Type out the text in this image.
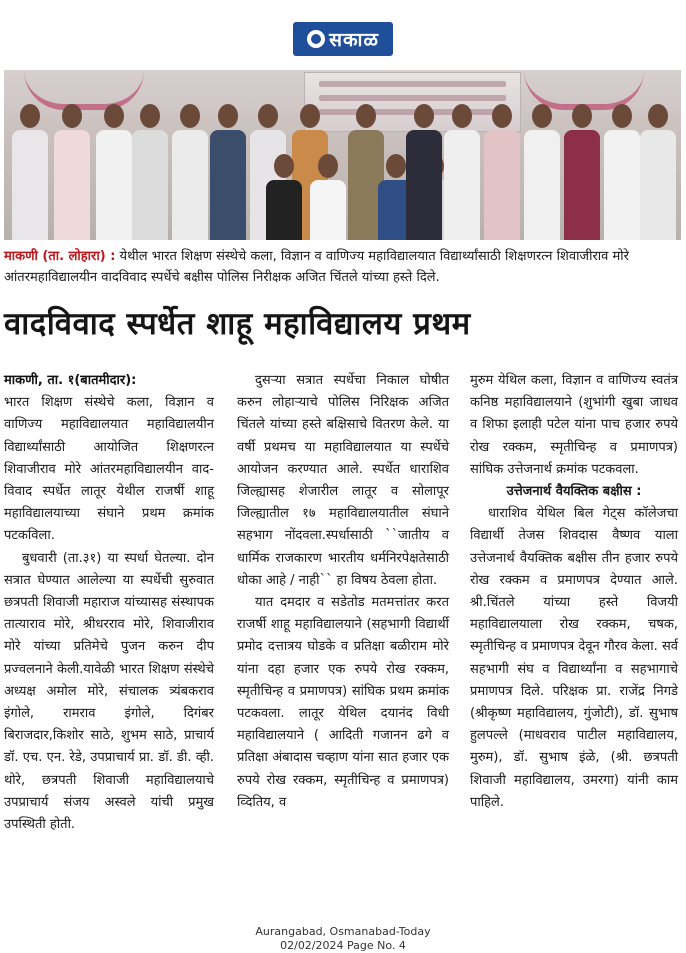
सकाळ
माकणी (ता. लोहारा) : येथील भारत शिक्षण संस्थेचे कला, विज्ञान व वाणिज्य महाविद्यालयात विद्यार्थ्यांसाठी शिक्षणरत्न शिवाजीराव मोरे आंतरमहाविद्यालयीन वादविवाद स्पर्धेचे बक्षीस पोलिस निरीक्षक अजित चिंतले यांच्या हस्ते दिले.
वादविवाद स्पर्धेत शाहू महाविद्यालय प्रथम

माकणी, ता. १(बातमीदार):

भारत शिक्षण संस्थेचे कला, विज्ञान व वाणिज्य महाविद्यालयात महाविद्यालयीन विद्यार्थ्यांसाठी आयोजित शिक्षणरत्न शिवाजीराव मोरे आंतरमहाविद्यालयीन वाद-विवाद स्पर्धेत लातूर येथील राजर्षी शाहू महाविद्यालयाच्या संघाने प्रथम क्रमांक पटकविला.

बुधवारी (ता.३१) या स्पर्धा घेतल्या. दोन सत्रात घेण्यात आलेल्या या स्पर्धेची सुरुवात छत्रपती शिवाजी महाराज यांच्यासह संस्थापक तात्याराव मोरे, श्रीधरराव मोरे, शिवाजीराव मोरे यांच्या प्रतिमेचे पुजन करुन दीप प्रज्वलनाने केली.यावेळी भारत शिक्षण संस्थेचे अध्यक्ष अमोल मोरे, संचालक त्र्यंबकराव इंगोले, रामराव इंगोले, दिगंबर बिराजदार,किशोर साठे, शुभम साठे, प्राचार्य डॉ. एच. एन. रेडे, उपप्राचार्य प्रा. डॉ. डी. व्ही. थोरे, छत्रपती शिवाजी महाविद्यालयाचे उपप्राचार्य संजय अस्वले यांची प्रमुख उपस्थिती होती.

दुसऱ्या सत्रात स्पर्धेचा निकाल घोषीत करुन लोहाऱ्याचे पोलिस निरिक्षक अजित चिंतले यांच्या हस्ते बक्षिसाचे वितरण केले. या वर्षी प्रथमच या महाविद्यालयात या स्पर्धेचे आयोजन करण्यात आले. स्पर्धेत धाराशिव जिल्ह्यासह शेजारील लातूर व सोलापूर जिल्ह्यातील १७ महाविद्यालयातील संघाने सहभाग नोंदवला.स्पर्धासाठी ``जातीय व धार्मिक राजकारण भारतीय धर्मनिरपेक्षतेसाठी धोका आहे / नाही`` हा विषय ठेवला होता.

यात दमदार व सडेतोड मतमत्तांतर करत राजर्षी शाहू महाविद्यालयाने (सहभागी विद्यार्थी प्रमोद दत्तात्रय घोडके व प्रतिक्षा बळीराम मोरे यांना दहा हजार एक रुपये रोख रक्कम, स्मृतीचिन्ह व प्रमाणपत्र) सांघिक प्रथम क्रमांक पटकवला. लातूर येथिल दयानंद विधी महाविद्यालयाने ( आदिती गजानन ढगे व प्रतिक्षा अंबादास चव्हाण यांना सात हजार एक रुपये रोख रक्कम, स्मृतीचिन्ह व प्रमाणपत्र) व्दितिय, व

मुरुम येथिल कला, विज्ञान व वाणिज्य स्वतंत्र कनिष्ठ महाविद्यालयाने (शुभांगी खुबा जाधव व शिफा इलाही पटेल यांना पाच हजार रुपये रोख रक्कम, स्मृतीचिन्ह व प्रमाणपत्र) सांघिक उत्तेजनार्थ क्रमांक पटकवला.

उत्तेजनार्थ वैयक्तिक बक्षीस :

धाराशिव येथिल बिल गेट्स कॉलेजचा विद्यार्थी तेजस शिवदास वैष्णव याला उत्तेजनार्थ वैयक्तिक बक्षीस तीन हजार रुपये रोख रक्कम व प्रमाणपत्र देण्यात आले. श्री.चिंतले यांच्या हस्ते विजयी महाविद्यालयाला रोख रक्कम, चषक, स्मृतीचिन्ह व प्रमाणपत्र देवून गौरव केला. सर्व सहभागी संघ व विद्यार्थ्यांना व सहभागाचे प्रमाणपत्र दिले. परिक्षक प्रा. राजेंद्र निगडे (श्रीकृष्ण महाविद्यालय, गुंजोटी), डॉ. सुभाष हुलपल्ले (माधवराव पाटील महाविद्यालय, मुरुम), डॉ. सुभाष इंळे, (श्री. छत्रपती शिवाजी महाविद्यालय, उमरगा) यांनी काम पाहिले.

Aurangabad, Osmanabad-Today
02/02/2024 Page No. 4
